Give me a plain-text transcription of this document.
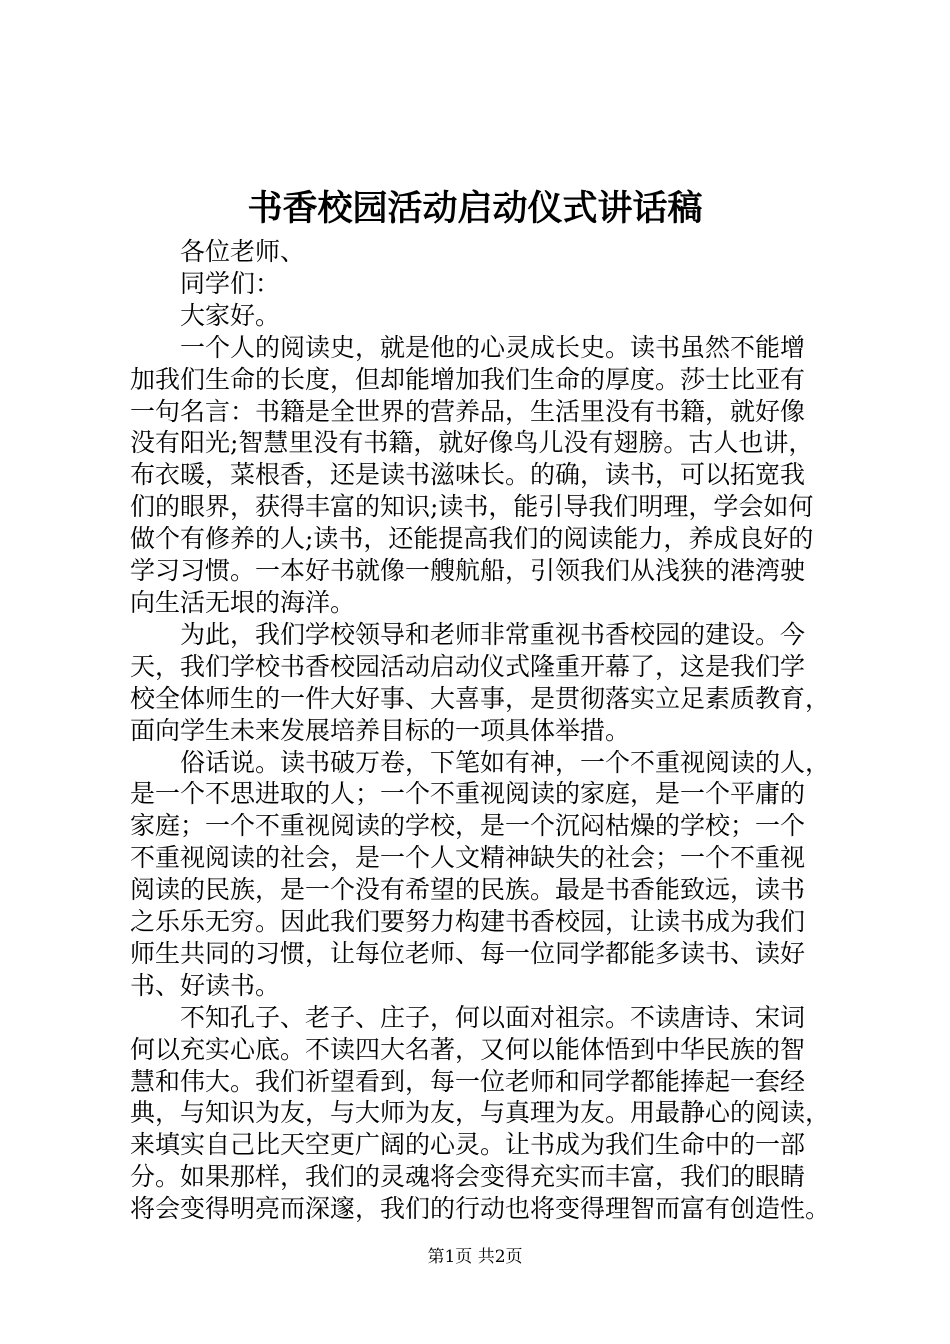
书香校园活动启动仪式讲话稿
各位老师、
同学们：
大家好。
一个人的阅读史，就是他的心灵成长史。读书虽然不能增
加我们生命的长度，但却能增加我们生命的厚度。莎士比亚有
一句名言：书籍是全世界的营养品，生活里没有书籍，就好像
没有阳光;智慧里没有书籍，就好像鸟儿没有翅膀。古人也讲，
布衣暖，菜根香，还是读书滋味长。的确，读书，可以拓宽我
们的眼界，获得丰富的知识;读书，能引导我们明理，学会如何
做个有修养的人;读书，还能提高我们的阅读能力，养成良好的
学习习惯。一本好书就像一艘航船，引领我们从浅狭的港湾驶
向生活无垠的海洋。
为此，我们学校领导和老师非常重视书香校园的建设。今
天，我们学校书香校园活动启动仪式隆重开幕了，这是我们学
校全体师生的一件大好事、大喜事，是贯彻落实立足素质教育，
面向学生未来发展培养目标的一项具体举措。
俗话说。读书破万卷，下笔如有神，一个不重视阅读的人，
是一个不思进取的人；一个不重视阅读的家庭，是一个平庸的
家庭；一个不重视阅读的学校，是一个沉闷枯燥的学校；一个
不重视阅读的社会，是一个人文精神缺失的社会；一个不重视
阅读的民族，是一个没有希望的民族。最是书香能致远，读书
之乐乐无穷。因此我们要努力构建书香校园，让读书成为我们
师生共同的习惯，让每位老师、每一位同学都能多读书、读好
书、好读书。
不知孔子、老子、庄子，何以面对祖宗。不读唐诗、宋词
何以充实心底。不读四大名著，又何以能体悟到中华民族的智
慧和伟大。我们祈望看到，每一位老师和同学都能捧起一套经
典，与知识为友，与大师为友，与真理为友。用最静心的阅读，
来填实自己比天空更广阔的心灵。让书成为我们生命中的一部
分。如果那样，我们的灵魂将会变得充实而丰富，我们的眼睛
将会变得明亮而深邃，我们的行动也将变得理智而富有创造性。
第1页 共2页
